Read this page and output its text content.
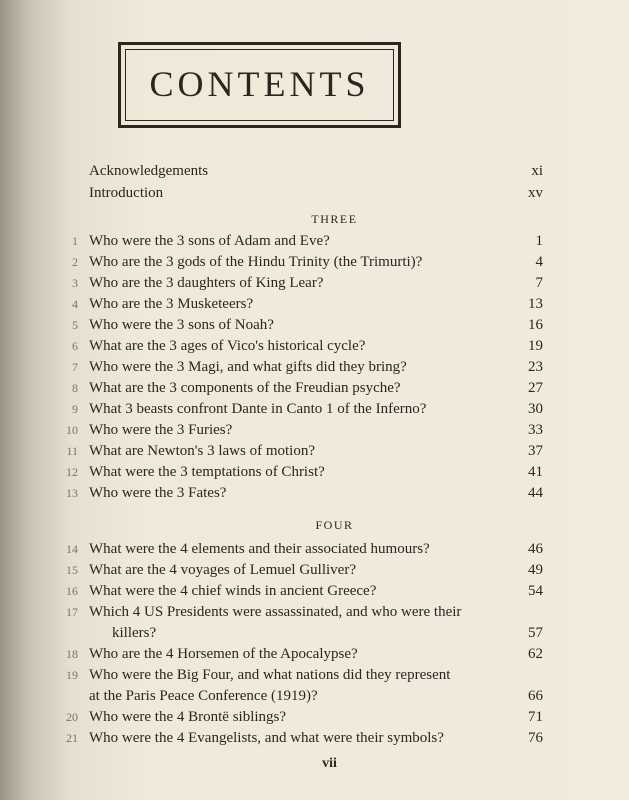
CONTENTS
Acknowledgements	xi
Introduction	xv
THREE
1 Who were the 3 sons of Adam and Eve?	1
2 Who are the 3 gods of the Hindu Trinity (the Trimurti)?	4
3 Who are the 3 daughters of King Lear?	7
4 Who are the 3 Musketeers?	13
5 Who were the 3 sons of Noah?	16
6 What are the 3 ages of Vico's historical cycle?	19
7 Who were the 3 Magi, and what gifts did they bring?	23
8 What are the 3 components of the Freudian psyche?	27
9 What 3 beasts confront Dante in Canto 1 of the Inferno?	30
10 Who were the 3 Furies?	33
11 What are Newton's 3 laws of motion?	37
12 What were the 3 temptations of Christ?	41
13 Who were the 3 Fates?	44
FOUR
14 What were the 4 elements and their associated humours?	46
15 What are the 4 voyages of Lemuel Gulliver?	49
16 What were the 4 chief winds in ancient Greece?	54
17 Which 4 US Presidents were assassinated, and who were their
killers?	57
18 Who are the 4 Horsemen of the Apocalypse?	62
19 Who were the Big Four, and what nations did they represent
at the Paris Peace Conference (1919)?	66
20 Who were the 4 Brontë siblings?	71
21 Who were the 4 Evangelists, and what were their symbols?	76
vii
